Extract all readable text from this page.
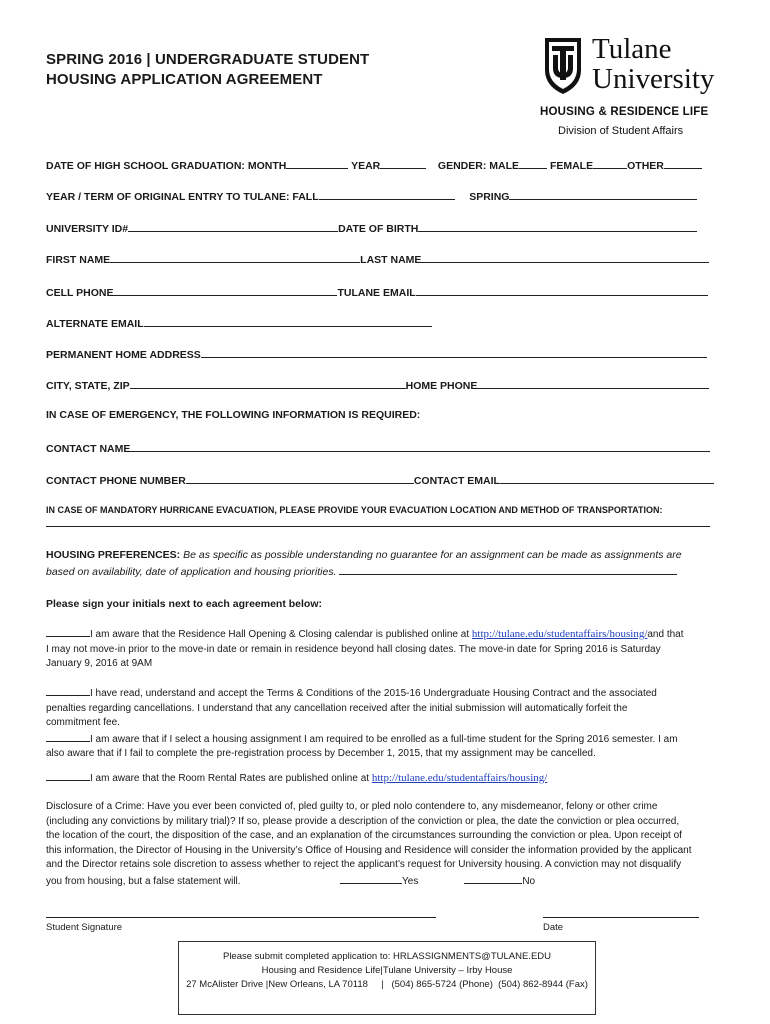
SPRING 2016 | UNDERGRADUATE STUDENT
HOUSING APPLICATION AGREEMENT
Tulane
University
HOUSING & RESIDENCE LIFE
Division of Student Affairs
DATE OF HIGH SCHOOL GRADUATION: MONTH	YEAR	GENDER: MALE	FEMALE	OTHER
YEAR / TERM OF ORIGINAL ENTRY TO TULANE: FALL	SPRING
UNIVERSITY ID#	DATE OF BIRTH
FIRST NAME	LAST NAME
CELL PHONE	TULANE EMAIL
ALTERNATE EMAIL
PERMANENT HOME ADDRESS
CITY, STATE, ZIP	HOME PHONE
IN CASE OF EMERGENCY, THE FOLLOWING INFORMATION IS REQUIRED:
CONTACT NAME
CONTACT PHONE NUMBER	CONTACT EMAIL
IN CASE OF MANDATORY HURRICANE EVACUATION, PLEASE PROVIDE YOUR EVACUATION LOCATION AND METHOD OF TRANSPORTATION:
HOUSING PREFERENCES: Be as specific as possible understanding no guarantee for an assignment can be made as assignments are
based on availability, date of application and housing priorities.
Please sign your initials next to each agreement below:
I am aware that the Residence Hall Opening & Closing calendar is published online at http://tulane.edu/studentaffairs/housing/and that
I may not move-in prior to the move-in date or remain in residence beyond hall closing dates. The move-in date for Spring 2016 is Saturday
January 9, 2016 at 9AM
I have read, understand and accept the Terms & Conditions of the 2015-16 Undergraduate Housing Contract and the associated
penalties regarding cancellations. I understand that any cancellation received after the initial submission will automatically forfeit the
commitment fee.
I am aware that if I select a housing assignment I am required to be enrolled as a full-time student for the Spring 2016 semester. I am
also aware that if I fail to complete the pre-registration process by December 1, 2015, that my assignment may be cancelled.
I am aware that the Room Rental Rates are published online at http://tulane.edu/studentaffairs/housing/
Disclosure of a Crime: Have you ever been convicted of, pled guilty to, or pled nolo contendere to, any misdemeanor, felony or other crime
(including any convictions by military trial)? If so, please provide a description of the conviction or plea, the date the conviction or plea occurred,
the location of the court, the disposition of the case, and an explanation of the circumstances surrounding the conviction or plea. Upon receipt of
this information, the Director of Housing in the University’s Office of Housing and Residence will consider the information provided by the applicant
and the Director retains sole discretion to assess whether to reject the applicant’s request for University housing. A conviction may not disqualify
you from housing, but a false statement will.	Yes	No
Student Signature	Date
Please submit completed application to: HRLASSIGNMENTS@TULANE.EDU
Housing and Residence Life|Tulane University – Irby House
27 McAlister Drive |New Orleans, LA 70118     |   (504) 865-5724 (Phone)  (504) 862-8944 (Fax)
